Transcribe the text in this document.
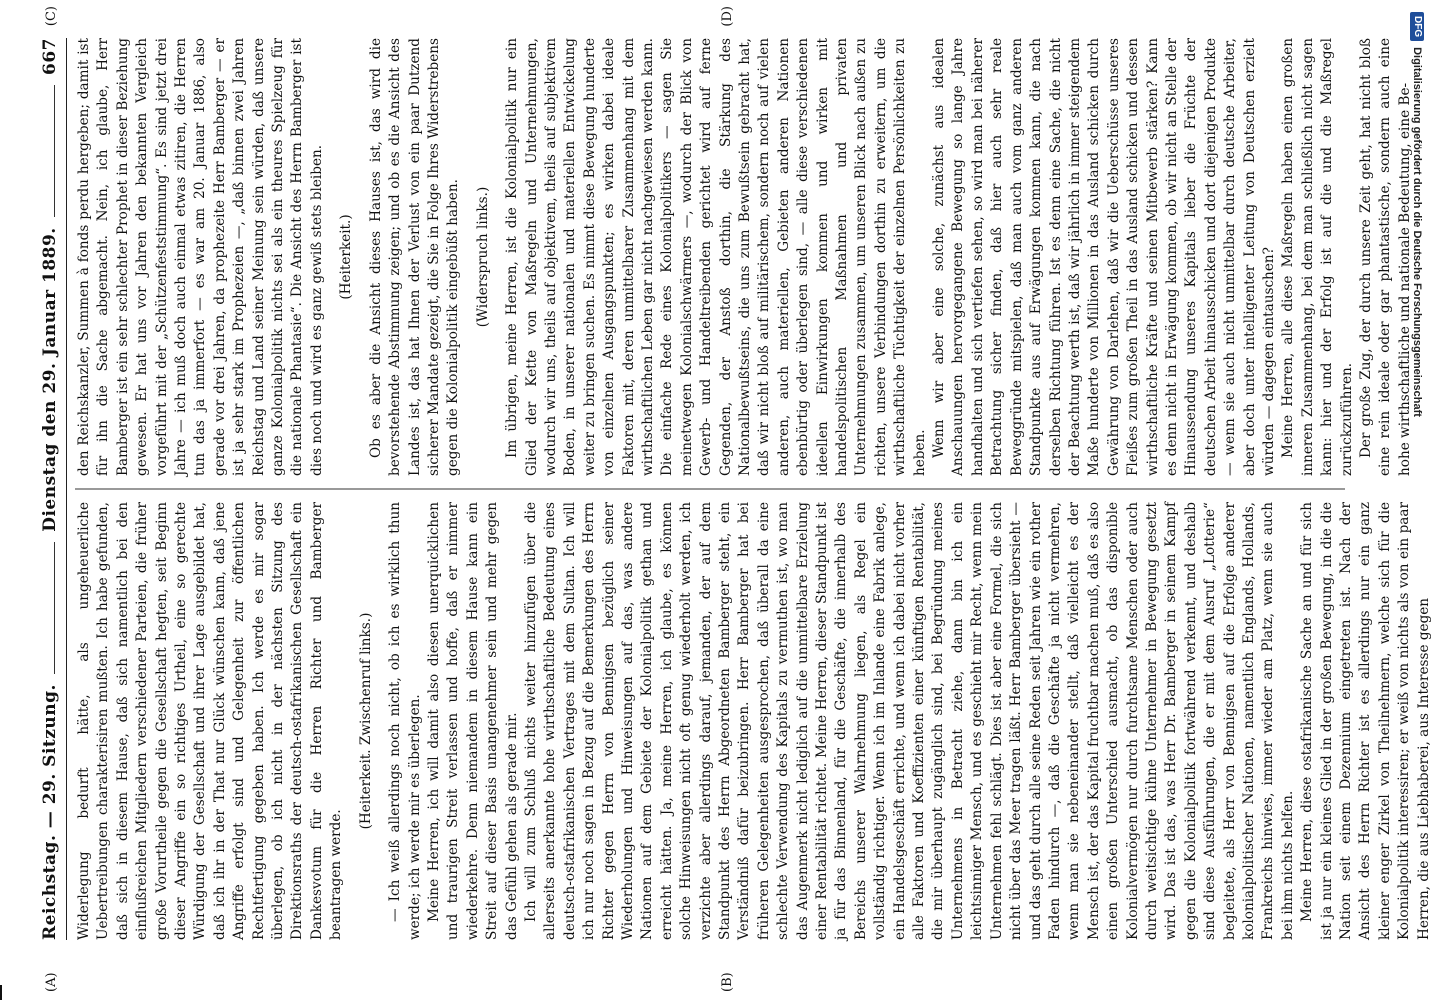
Reichstag. — 29. Sitzung.
Dienstag den 29. Januar 1889.
667

Widerlegung bedurft hätte, als ungeheuerliche Uebertreibungen charakterisiren mußten. Ich habe gefunden, daß sich in diesem Hause, daß sich namentlich bei den einflußreichen Mitgliedern verschiedener Parteien, die früher große Vorurtheile gegen die Gesellschaft hegten, seit Beginn dieser Angriffe ein so richtiges Urtheil, eine so gerechte Würdigung der Gesellschaft und ihrer Lage ausgebildet hat, daß ich ihr in der That nur Glück wünschen kann, daß jene Angriffe erfolgt sind und Gelegenheit zur öffentlichen Rechtfertigung gegeben haben. Ich werde es mir sogar überlegen, ob ich nicht in der nächsten Sitzung des Direktionsraths der deutsch-ostafrikanischen Gesellschaft ein Dankesvotum für die Herren Richter und Bamberger beantragen werde.

(Heiterkeit. Zwischenruf links.) — Ich weiß allerdings noch nicht, ob ich es wirklich thun werde; ich werde mir es überlegen. Meine Herren, ich will damit also diesen unerquicklichen und traurigen Streit verlassen und hoffe, daß er nimmer wiederkehre. Denn niemandem in diesem Hause kann ein Streit auf dieser Basis unangenehmer sein und mehr gegen das Gefühl gehen als gerade mir. Ich will zum Schluß nichts weiter hinzufügen über die allerseits anerkannte hohe wirthschaftliche Bedeutung eines deutsch-ostafrikanischen Vertrages mit dem Sultan. Ich will ich nur noch sagen in Bezug auf die Bemerkungen des Herrn Richter gegen Herrn von Bennigsen bezüglich seiner Wiederholungen und Hinweisungen auf das, was andere Nationen auf dem Gebiete der Kolonialpolitik gethan und erreicht hätten. Ja, meine Herren, ich glaube, es können solche Hinweisungen nicht oft genug wiederholt werden, ich verzichte aber allerdings darauf, jemanden, der auf dem Standpunkt des Herrn Abgeordneten Bamberger steht, ein Verständniß dafür beizubringen. Herr Bamberger hat bei früheren Gelegenheiten ausgesprochen, daß überall da eine schlechte Verwendung des Kapitals zu vermuthen ist, wo man das Augenmerk nicht lediglich auf die unmittelbare Erzielung einer Rentabilität richtet. Meine Herren, dieser Standpunkt ist ja für das Binnenland, für die Geschäfte, die innerhalb des Bereichs unserer Wahrnehmung liegen, als Regel ein vollständig richtiger. Wenn ich im Inlande eine Fabrik anlege, ein Handelsgeschäft errichte, und wenn ich dabei nicht vorher alle Faktoren und Koeffizienten einer künftigen Rentabilität, die mir überhaupt zugänglich sind, bei Begründung meines Unternehmens in Betracht ziehe, dann bin ich ein leichtsinniger Mensch, und es geschieht mir Recht, wenn mein Unternehmen fehl schlägt. Dies ist aber eine Formel, die sich nicht über das Meer tragen läßt. Herr Bamberger übersieht — und das geht durch alle seine Reden seit Jahren wie ein rother Faden hindurch —, daß die Geschäfte ja nicht vermehren, wenn man sie nebeneinander stellt, daß vielleicht es der Mensch ist, der das Kapital fruchtbar machen muß, daß es also einen großen Unterschied ausmacht, ob das disponible Kolonialvermögen nur durch furchtsame Menschen oder auch durch weitsichtige kühne Unternehmer in Bewegung gesetzt wird. Das ist das, was Herr Dr. Bamberger in seinem Kampf gegen die Kolonialpolitik fortwährend verkennt, und deshalb sind diese Ausführungen, die er mit dem Ausruf „Lotterie“ begleitete, als Herr von Bennigsen auf die Erfolge anderer kolonialpolitischer Nationen, namentlich Englands, Hollands, Frankreichs hinwies, immer wieder am Platz, wenn sie auch bei ihm nichts helfen. Meine Herren, diese ostafrikanische Sache an und für sich ist ja nur ein kleines Glied in der großen Bewegung, in die die Nation seit einem Dezennium eingetreten ist. Nach der Ansicht des Herrn Richter ist es allerdings nur ein ganz kleiner enger Zirkel von Theilnehmern, welche sich für die Kolonialpolitik interessiren; er weiß von nichts als von ein paar Herren, die aus Liebhaberei, aus Interesse gegen

den Reichskanzler, Summen à fonds perdu hergeben; damit ist für ihn die Sache abgemacht. Nein, ich glaube, Herr Bamberger ist ein sehr schlechter Prophet in dieser Beziehung gewesen. Er hat uns vor Jahren den bekannten Vergleich vorgeführt mit der „Schützenfeststimmung“. Es sind jetzt drei Jahre — ich muß doch auch einmal etwas zitiren, die Herren tun das ja immerfort — es war am 20. Januar 1886, also gerade vor drei Jahren, da prophezeite Herr Bamberger — er ist ja sehr stark im Prophezeien —, „daß binnen zwei Jahren Reichstag und Land seiner Meinung sein würden, daß unsere ganze Kolonialpolitik nichts sei als ein theures Spielzeug für die nationale Phantasie“. Die Ansicht des Herrn Bamberger ist dies noch und wird es ganz gewiß stets bleiben. (Heiterkeit.) Ob es aber die Ansicht dieses Hauses ist, das wird die bevorstehende Abstimmung zeigen; und ob es die Ansicht des Landes ist, das hat Ihnen der Verlust von ein paar Dutzend sicherer Mandate gezeigt, die Sie in Folge Ihres Widerstrebens gegen die Kolonialpolitik eingebüßt haben. (Widerspruch links.) Im übrigen, meine Herren, ist die Kolonialpolitik nur ein Glied der Kette von Maßregeln und Unternehmungen, wodurch wir uns, theils auf objektivem, theils auf subjektivem Boden, in unserer nationalen und materiellen Entwickelung weiter zu bringen suchen. Es nimmt diese Bewegung hunderte von einzelnen Ausgangspunkten; es wirken dabei ideale Faktoren mit, deren unmittelbarer Zusammenhang mit dem wirthschaftlichen Leben gar nicht nachgewiesen werden kann. Die einfache Rede eines Kolonialpolitikers — sagen Sie meinetwegen Kolonialschwärmers —, wodurch der Blick von Gewerb- und Handeltreibenden gerichtet wird auf ferne Gegenden, der Anstoß dorthin, die Stärkung des Nationalbewußtseins, die uns zum Bewußtsein gebracht hat, daß wir nicht bloß auf militärischem, sondern noch auf vielen anderen, auch materiellen, Gebieten anderen Nationen ebenbürtig oder überlegen sind, — alle diese verschiedenen ideellen Einwirkungen kommen und wirken mit handelspolitischen Maßnahmen und privaten Unternehmungen zusammen, um unseren Blick nach außen zu richten, unsere Verbindungen dorthin zu erweitern, um die wirthschaftliche Tüchtigkeit der einzelnen Persönlichkeiten zu heben. Wenn wir aber eine solche, zunächst aus idealen Anschauungen hervorgegangene Bewegung so lange Jahre handhalten und sich vertiefen sehen, so wird man bei näherer Betrachtung sicher finden, daß hier auch sehr reale Beweggründe mitspielen, daß man auch vom ganz anderen Standpunkte aus auf Erwägungen kommen kann, die nach derselben Richtung führen. Ist es denn eine Sache, die nicht der Beachtung werth ist, daß wir jährlich in immer steigendem Maße hunderte von Millionen in das Ausland schicken durch Gewährung von Darlehen, daß wir die Ueberschüsse unseres Fleißes zum großen Theil in das Ausland schicken und dessen wirthschaftliche Kräfte und seinen Mitbewerb stärken? Kann es denn nicht in Erwägung kommen, ob wir nicht an Stelle der Hinaussendung unseres Kapitals lieber die Früchte der deutschen Arbeit hinausschicken und dort diejenigen Produkte — wenn sie auch nicht unmittelbar durch deutsche Arbeiter, aber doch unter intelligenter Leitung von Deutschen erzielt würden — dagegen eintauschen? Meine Herren, alle diese Maßregeln haben einen großen inneren Zusammenhang, bei dem man schließlich nicht sagen kann: hier und der Erfolg ist auf die und die Maßregel zurückzuführen. Der große Zug, der durch unsere Zeit geht, hat nicht bloß eine rein ideale oder gar phantastische, sondern auch eine hohe wirthschaftliche und nationale Bedeutung, eine Be-

(A)	(B)
(C)	(D)	DFG
Digitalisierung gefördert durch die Deutsche Forschungsgemeinschaft
